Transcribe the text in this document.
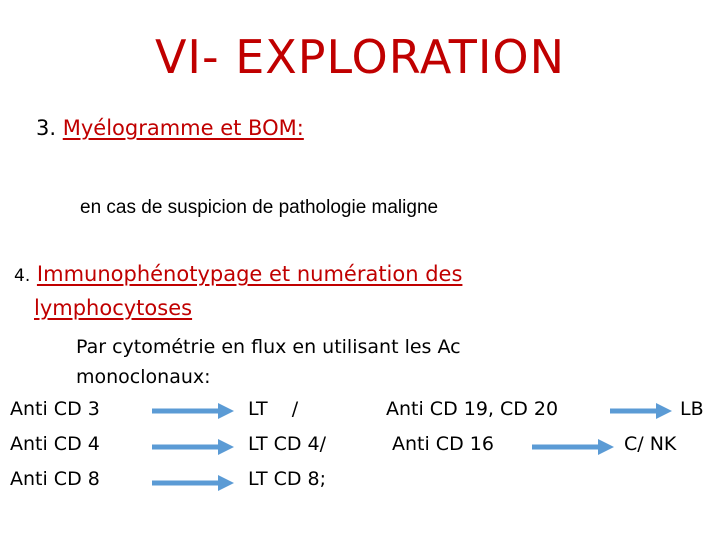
VI- EXPLORATION
3. Myélogramme et BOM:
en cas de suspicion de pathologie maligne
4. Immunophénotypage et numération des
lymphocytoses
Par cytométrie en flux en utilisant les Ac
monoclonaux:
Anti CD 3	LT    /	Anti CD 19, CD 20	LB
Anti CD 4	LT CD 4/	Anti CD 16	C/ NK
Anti CD 8	LT CD 8;
